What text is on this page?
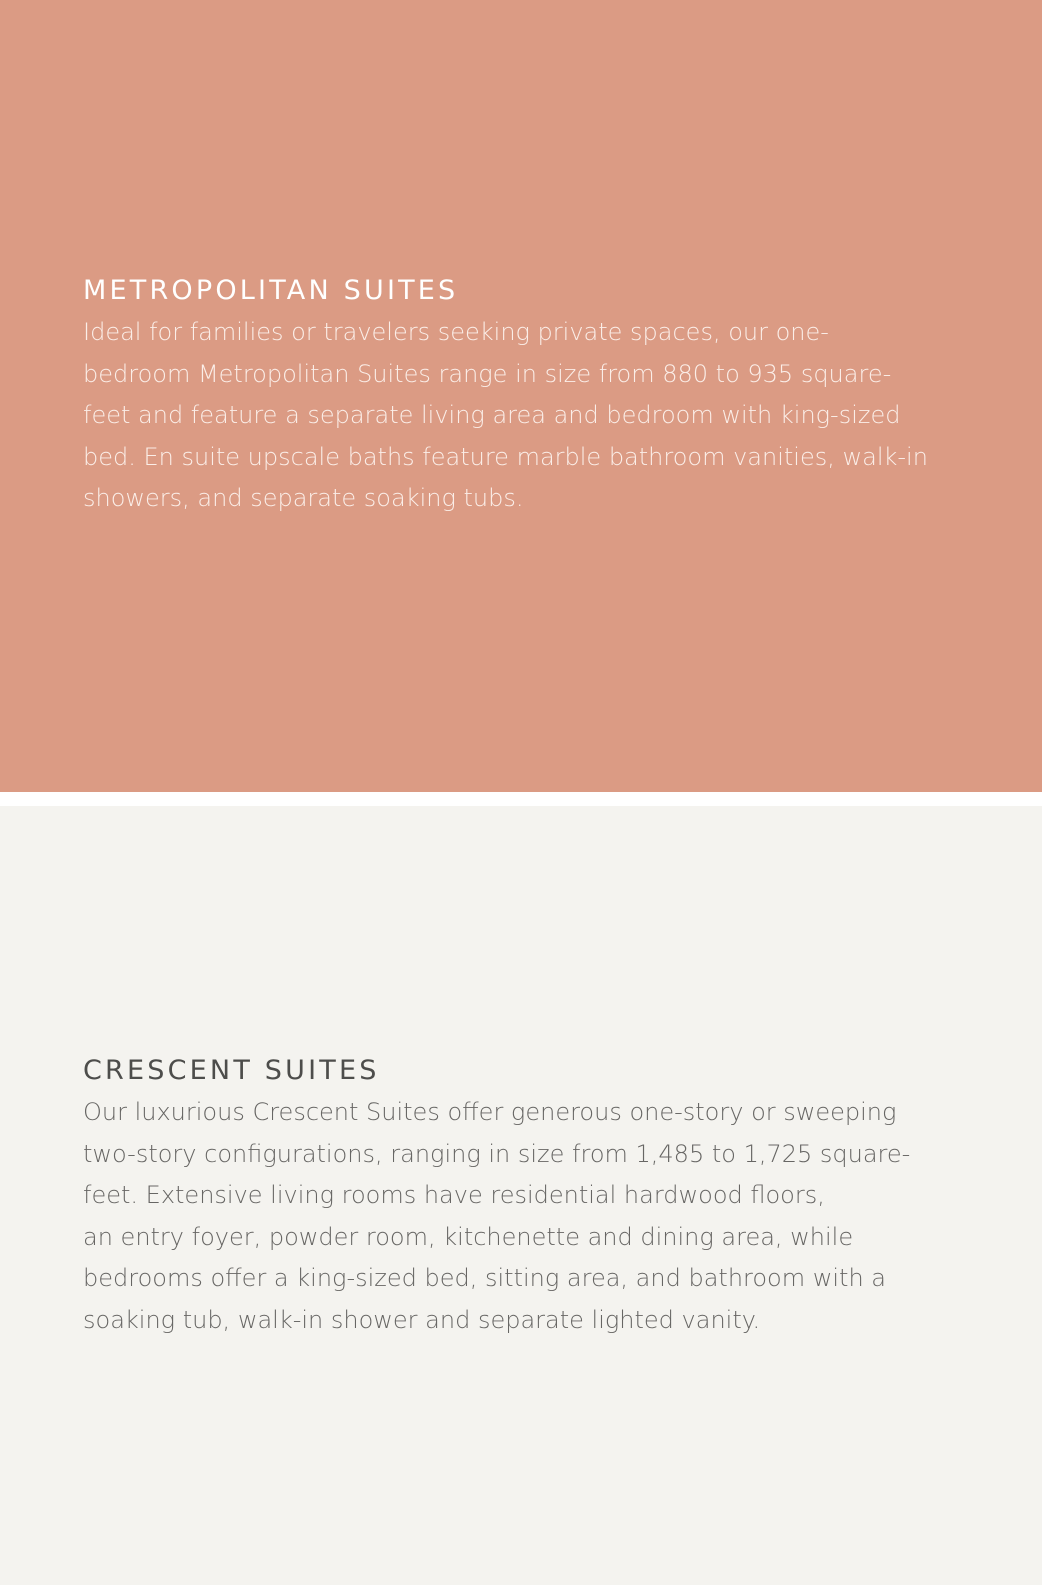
METROPOLITAN SUITES

Ideal for families or travelers seeking private spaces, our one-
bedroom Metropolitan Suites range in size from 880 to 935 square-
feet and feature a separate living area and bedroom with king-sized
bed. En suite upscale baths feature marble bathroom vanities, walk-in
showers, and separate soaking tubs.

CRESCENT SUITES

Our luxurious Crescent Suites offer generous one-story or sweeping
two-story configurations, ranging in size from 1,485 to 1,725 square-
feet. Extensive living rooms have residential hardwood floors,
an entry foyer, powder room, kitchenette and dining area, while
bedrooms offer a king-sized bed, sitting area, and bathroom with a
soaking tub, walk-in shower and separate lighted vanity.
